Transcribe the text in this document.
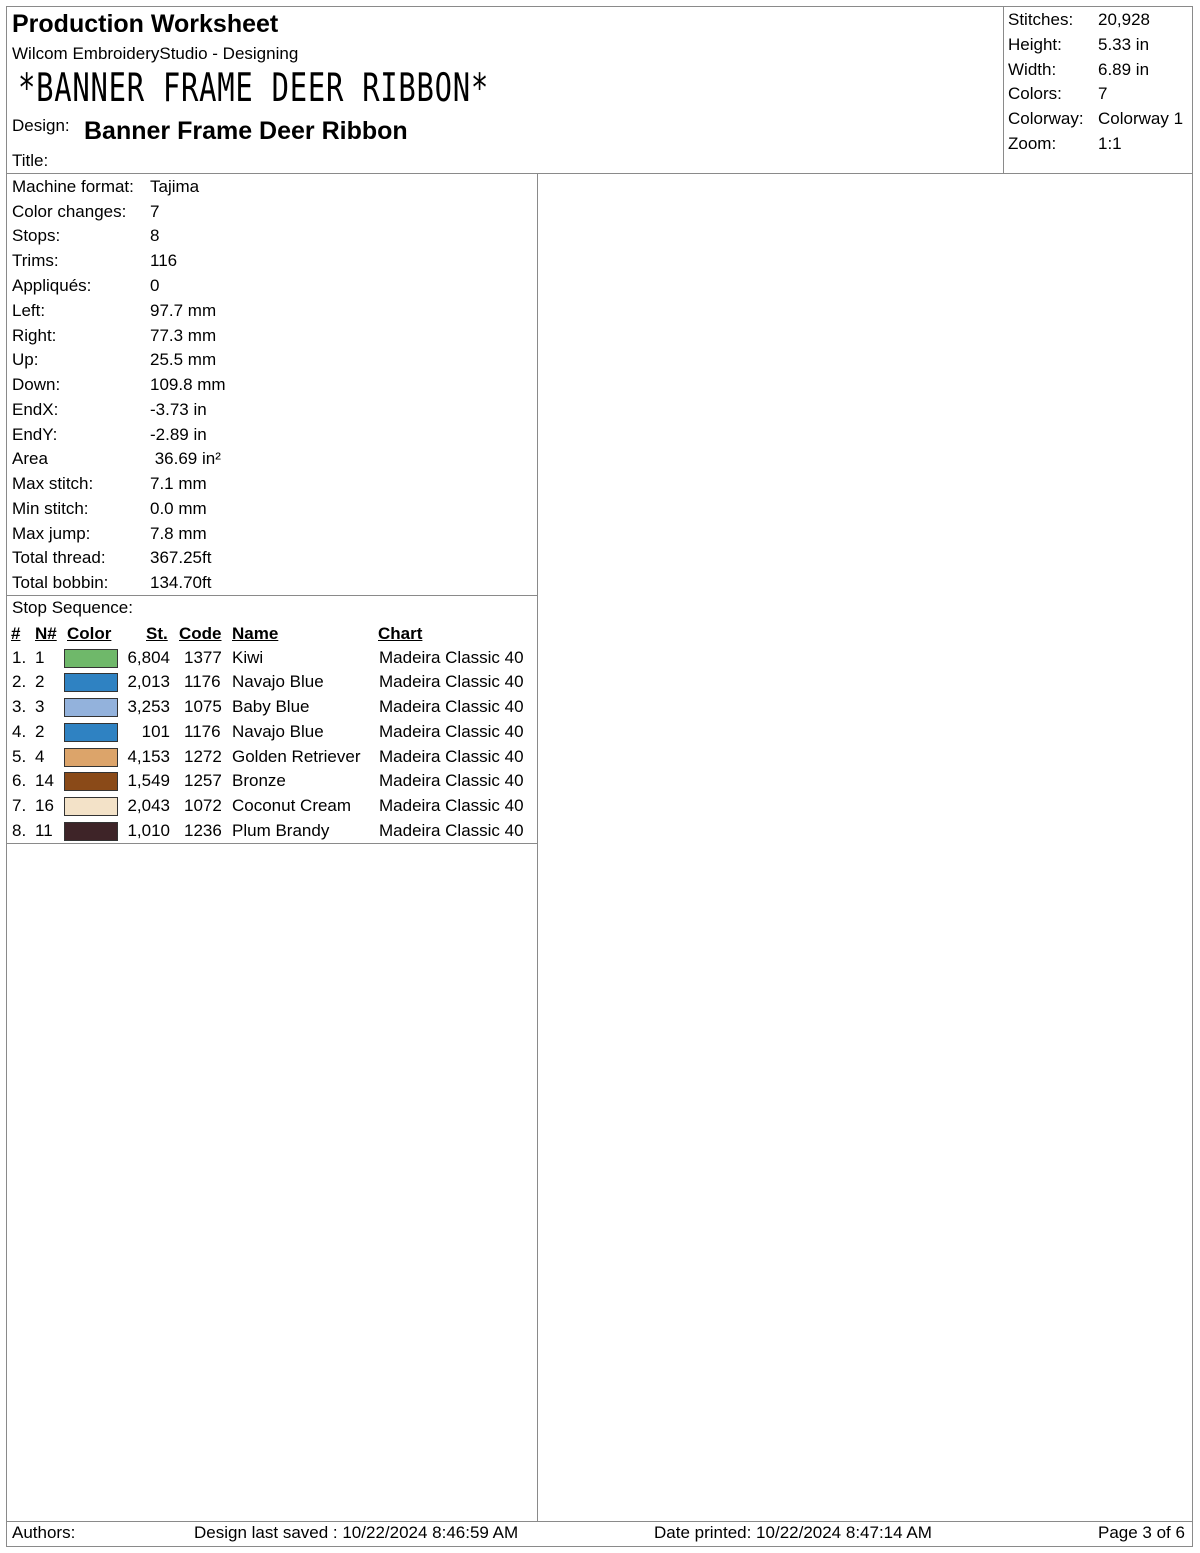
Production Worksheet
Wilcom EmbroideryStudio - Designing
*BANNER FRAME DEER RIBBON*
Design: Banner Frame Deer Ribbon
Title:
Stitches: 20,928
Height: 5.33 in
Width: 6.89 in
Colors: 7
Colorway: Colorway 1
Zoom: 1:1
Machine format: Tajima
Color changes: 7
Stops:	8
Trims:	116
Appliqués:	0
Left:	97.7 mm
Right:	77.3 mm
Up:	25.5 mm
Down:	109.8 mm
EndX:	-3.73 in
EndY:	-2.89 in
Area	36.69 in²
Max stitch:	7.1 mm
Min stitch:	0.0 mm
Max jump:	7.8 mm
Total thread:	367.25ft
Total bobbin: 134.70ft
Stop Sequence:
# N# Color St. Code Name	Chart
1. 1	6,804 1377 Kiwi	Madeira Classic 40
2. 2	2,013 1176 Navajo Blue	Madeira Classic 40
3. 3	3,253 1075 Baby Blue	Madeira Classic 40
4. 2	101 1176 Navajo Blue	Madeira Classic 40
5. 4	4,153 1272 Golden Retriever Madeira Classic 40
6. 14	1,549 1257 Bronze	Madeira Classic 40
7. 16	2,043 1072 Coconut Cream Madeira Classic 40
8. 11	1,010 1236 Plum Brandy	Madeira Classic 40
Authors:	Design last saved : 10/22/2024 8:46:59 AM	Date printed: 10/22/2024 8:47:14 AM	Page 3 of 6
